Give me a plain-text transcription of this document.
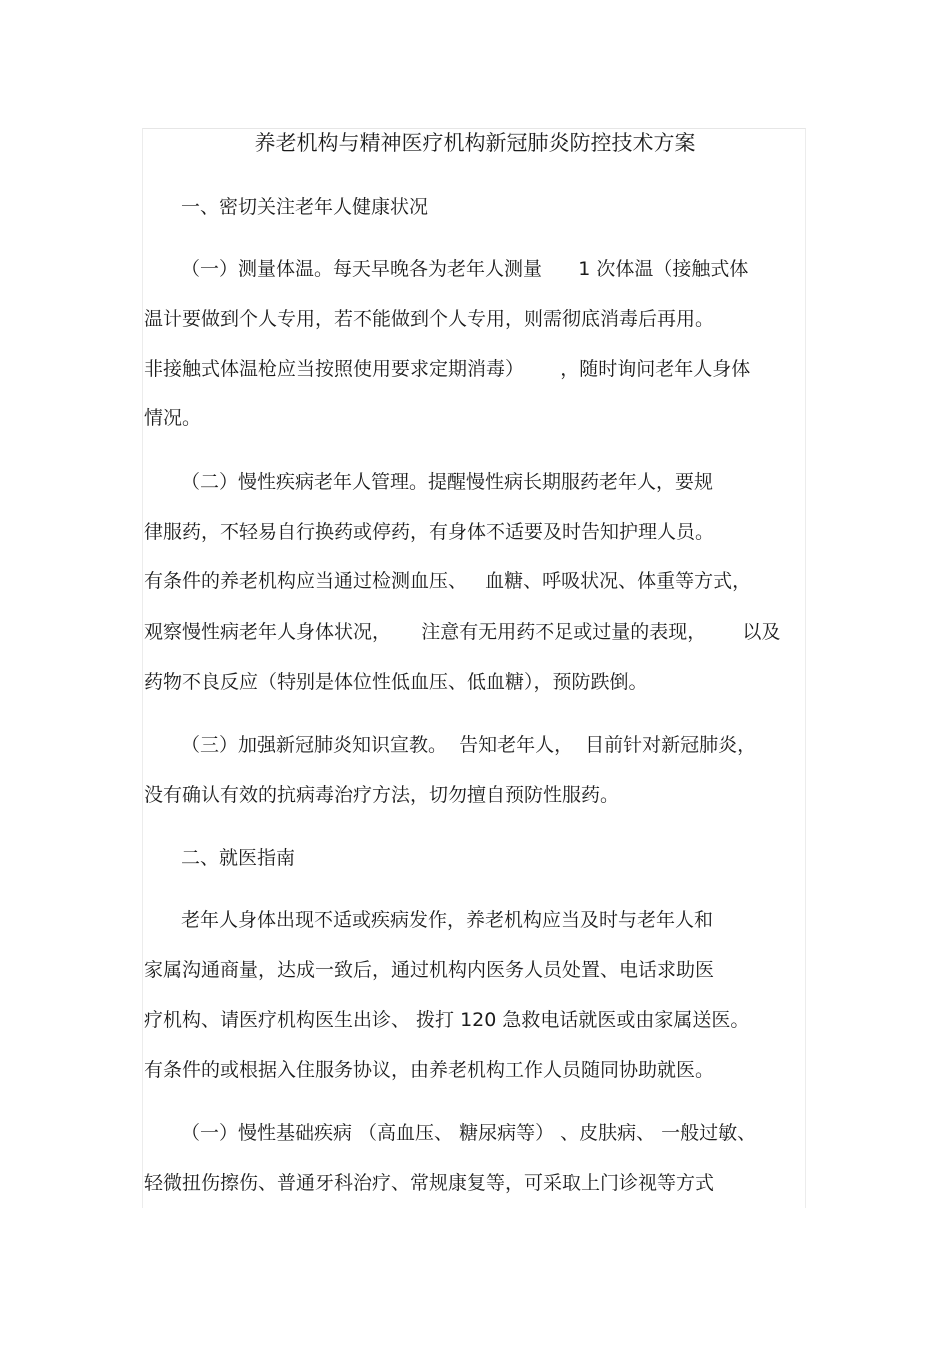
养老机构与精神医疗机构新冠肺炎防控技术方案
一、密切关注老年人健康状况
（一）测量体温。每天早晚各为老年人测量      1 次体温（接触式体
温计要做到个人专用，若不能做到个人专用，则需彻底消毒后再用。
非接触式体温枪应当按照使用要求定期消毒）      ，随时询问老年人身体
情况。
（二）慢性疾病老年人管理。提醒慢性病长期服药老年人，要规
律服药，不轻易自行换药或停药，有身体不适要及时告知护理人员。
有条件的养老机构应当通过检测血压、   血糖、呼吸状况、体重等方式，
观察慢性病老年人身体状况，     注意有无用药不足或过量的表现，      以及
药物不良反应（特别是体位性低血压、低血糖），预防跌倒。
（三）加强新冠肺炎知识宣教。  告知老年人，  目前针对新冠肺炎，
没有确认有效的抗病毒治疗方法，切勿擅自预防性服药。
二、就医指南
老年人身体出现不适或疾病发作，养老机构应当及时与老年人和
家属沟通商量，达成一致后，通过机构内医务人员处置、电话求助医
疗机构、请医疗机构医生出诊、 拨打 120 急救电话就医或由家属送医。
有条件的或根据入住服务协议，由养老机构工作人员随同协助就医。
（一）慢性基础疾病 （高血压、 糖尿病等） 、皮肤病、 一般过敏、
轻微扭伤擦伤、普通牙科治疗、常规康复等，可采取上门诊视等方式
